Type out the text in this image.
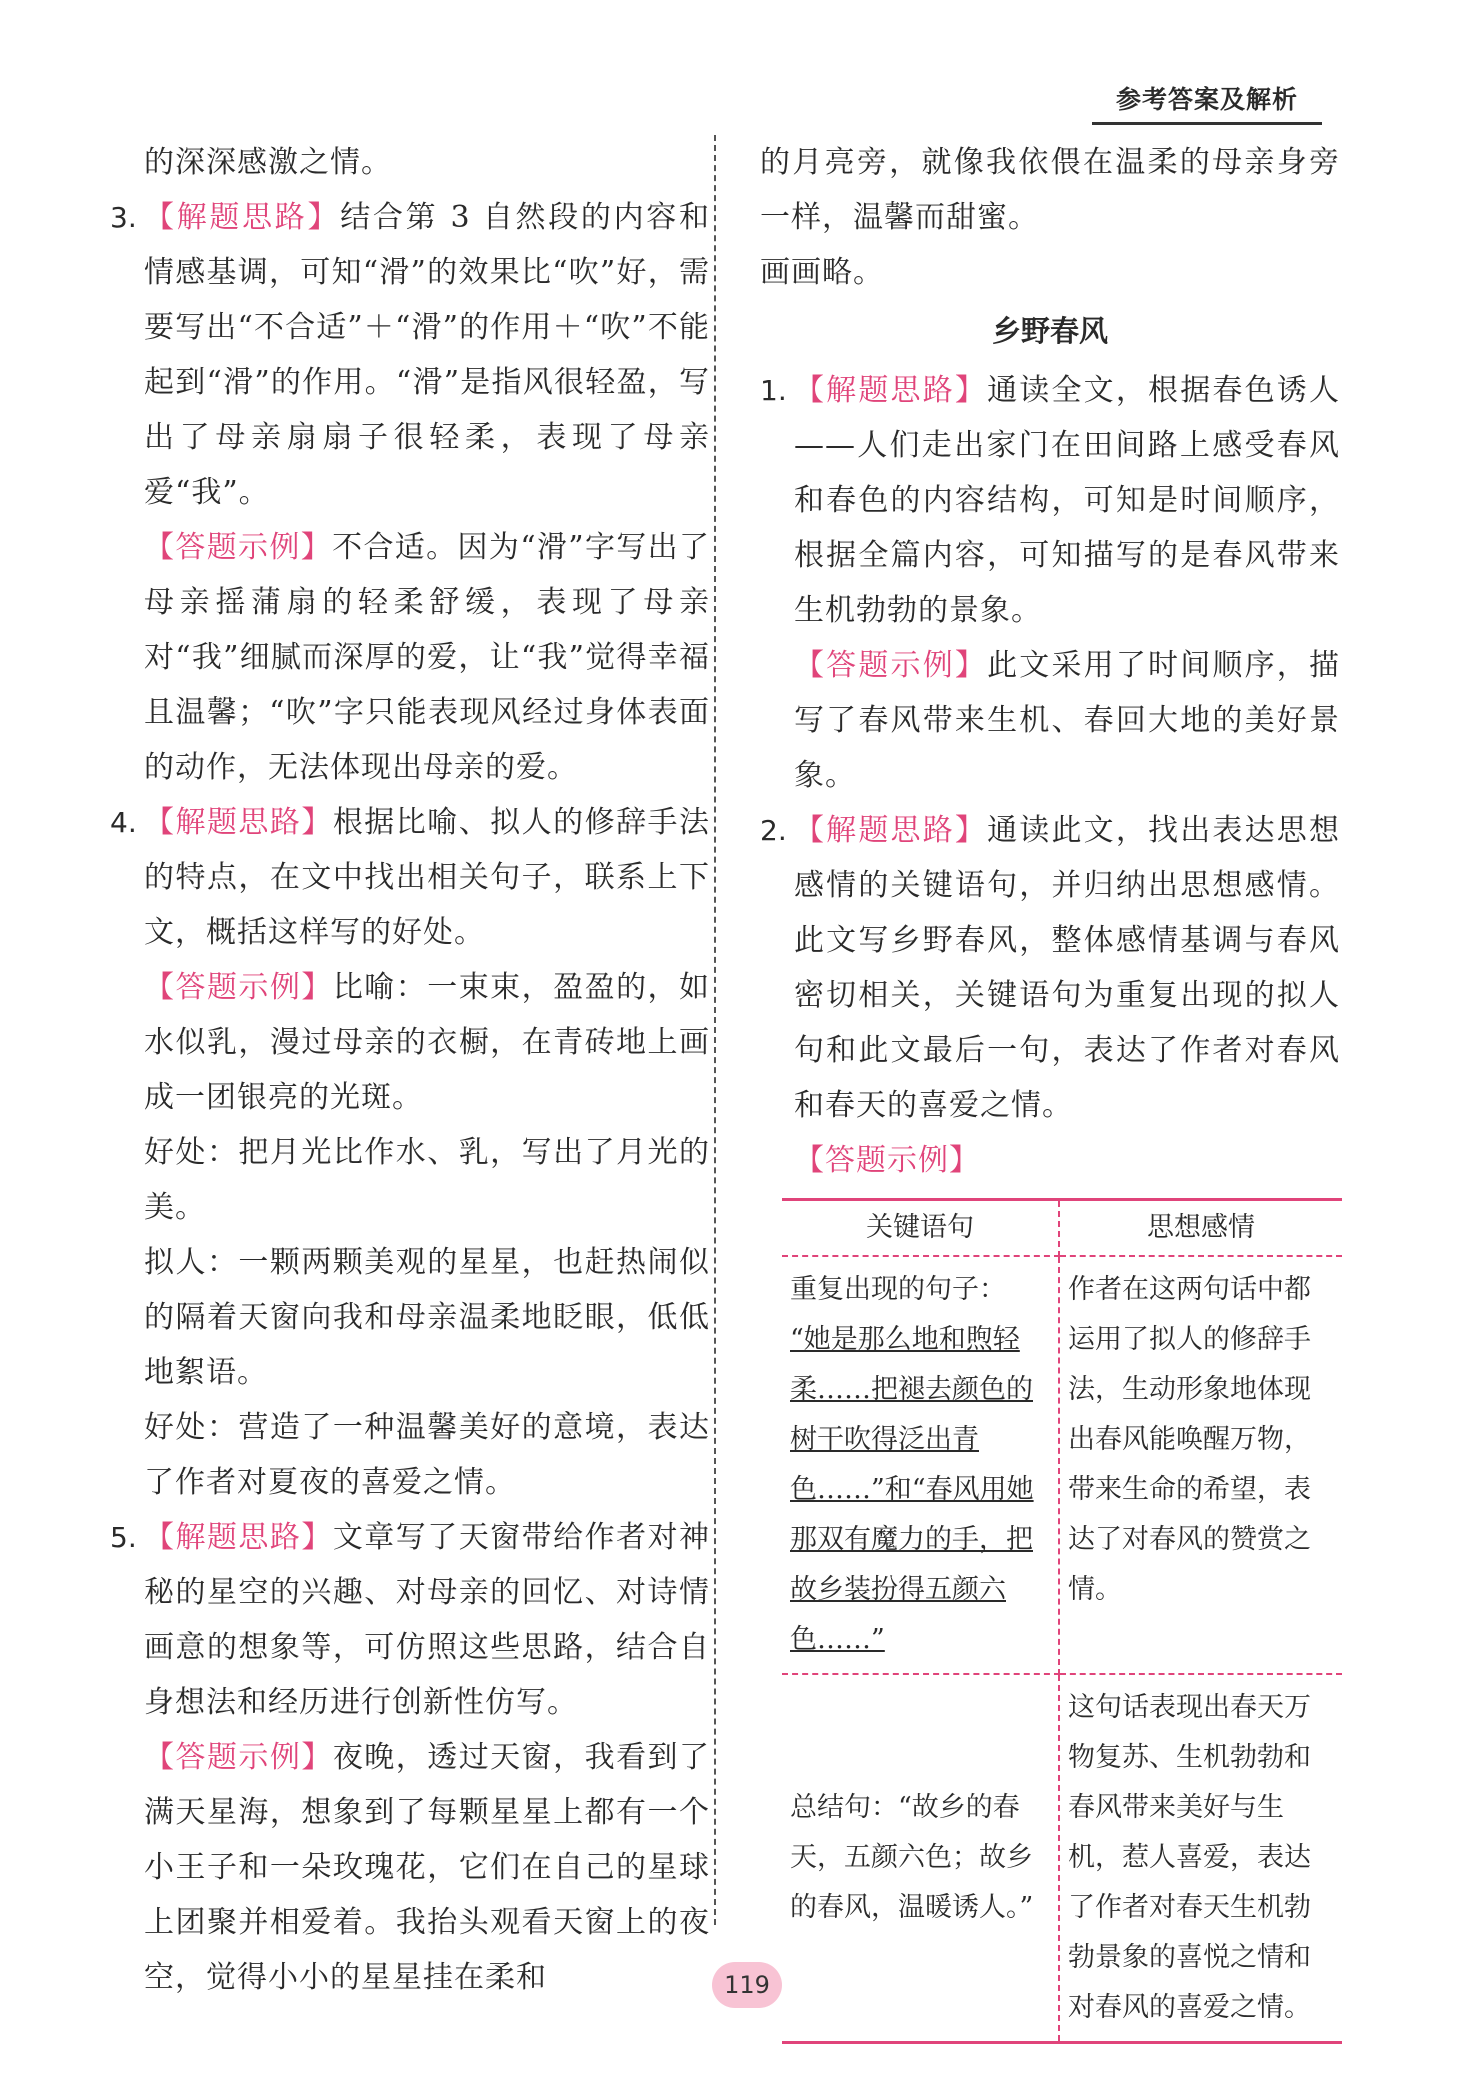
参考答案及解析

的深深感激之情。

3. 【解题思路】结合第 3 自然段的内容和情感基调，可知“滑”的效果比“吹”好，需要写出“不合适”＋“滑”的作用＋“吹”不能起到“滑”的作用。“滑”是指风很轻盈，写出了母亲扇扇子很轻柔，表现了母亲爱“我”。

【答题示例】不合适。因为“滑”字写出了母亲摇蒲扇的轻柔舒缓，表现了母亲对“我”细腻而深厚的爱，让“我”觉得幸福且温馨；“吹”字只能表现风经过身体表面的动作，无法体现出母亲的爱。

4. 【解题思路】根据比喻、拟人的修辞手法的特点，在文中找出相关句子，联系上下文，概括这样写的好处。

【答题示例】比喻：一束束，盈盈的，如水似乳，漫过母亲的衣橱，在青砖地上画成一团银亮的光斑。

好处：把月光比作水、乳，写出了月光的美。

拟人：一颗两颗美观的星星，也赶热闹似的隔着天窗向我和母亲温柔地眨眼，低低地絮语。

好处：营造了一种温馨美好的意境，表达了作者对夏夜的喜爱之情。

5. 【解题思路】文章写了天窗带给作者对神秘的星空的兴趣、对母亲的回忆、对诗情画意的想象等，可仿照这些思路，结合自身想法和经历进行创新性仿写。

【答题示例】夜晚，透过天窗，我看到了满天星海，想象到了每颗星星上都有一个小王子和一朵玫瑰花，它们在自己的星球上团聚并相爱着。我抬头观看天窗上的夜空，觉得小小的星星挂在柔和

的月亮旁，就像我依偎在温柔的母亲身旁一样，温馨而甜蜜。

画画略。

乡野春风
1. 【解题思路】通读全文，根据春色诱人——人们走出家门在田间路上感受春风和春色的内容结构，可知是时间顺序，根据全篇内容，可知描写的是春风带来生机勃勃的景象。

【答题示例】此文采用了时间顺序，描写了春风带来生机、春回大地的美好景象。

2. 【解题思路】通读此文，找出表达思想感情的关键语句，并归纳出思想感情。此文写乡野春风，整体感情基调与春风密切相关，关键语句为重复出现的拟人句和此文最后一句，表达了作者对春风和春天的喜爱之情。

【答题示例】

关键语句	思想感情

重复出现的句子：
“她是那么地和煦轻柔……把褪去颜色的树干吹得泛出青色……”和“春风用她那双有魔力的手，把故乡装扮得五颜六色……”	作者在这两句话中都运用了拟人的修辞手法，生动形象地体现出春风能唤醒万物，带来生命的希望，表达了对春风的赞赏之情。
总结句：“故乡的春天，五颜六色；故乡的春风，温暖诱人。”	这句话表现出春天万物复苏、生机勃勃和春风带来美好与生机，惹人喜爱，表达了作者对春天生机勃勃景象的喜悦之情和对春风的喜爱之情。
119
